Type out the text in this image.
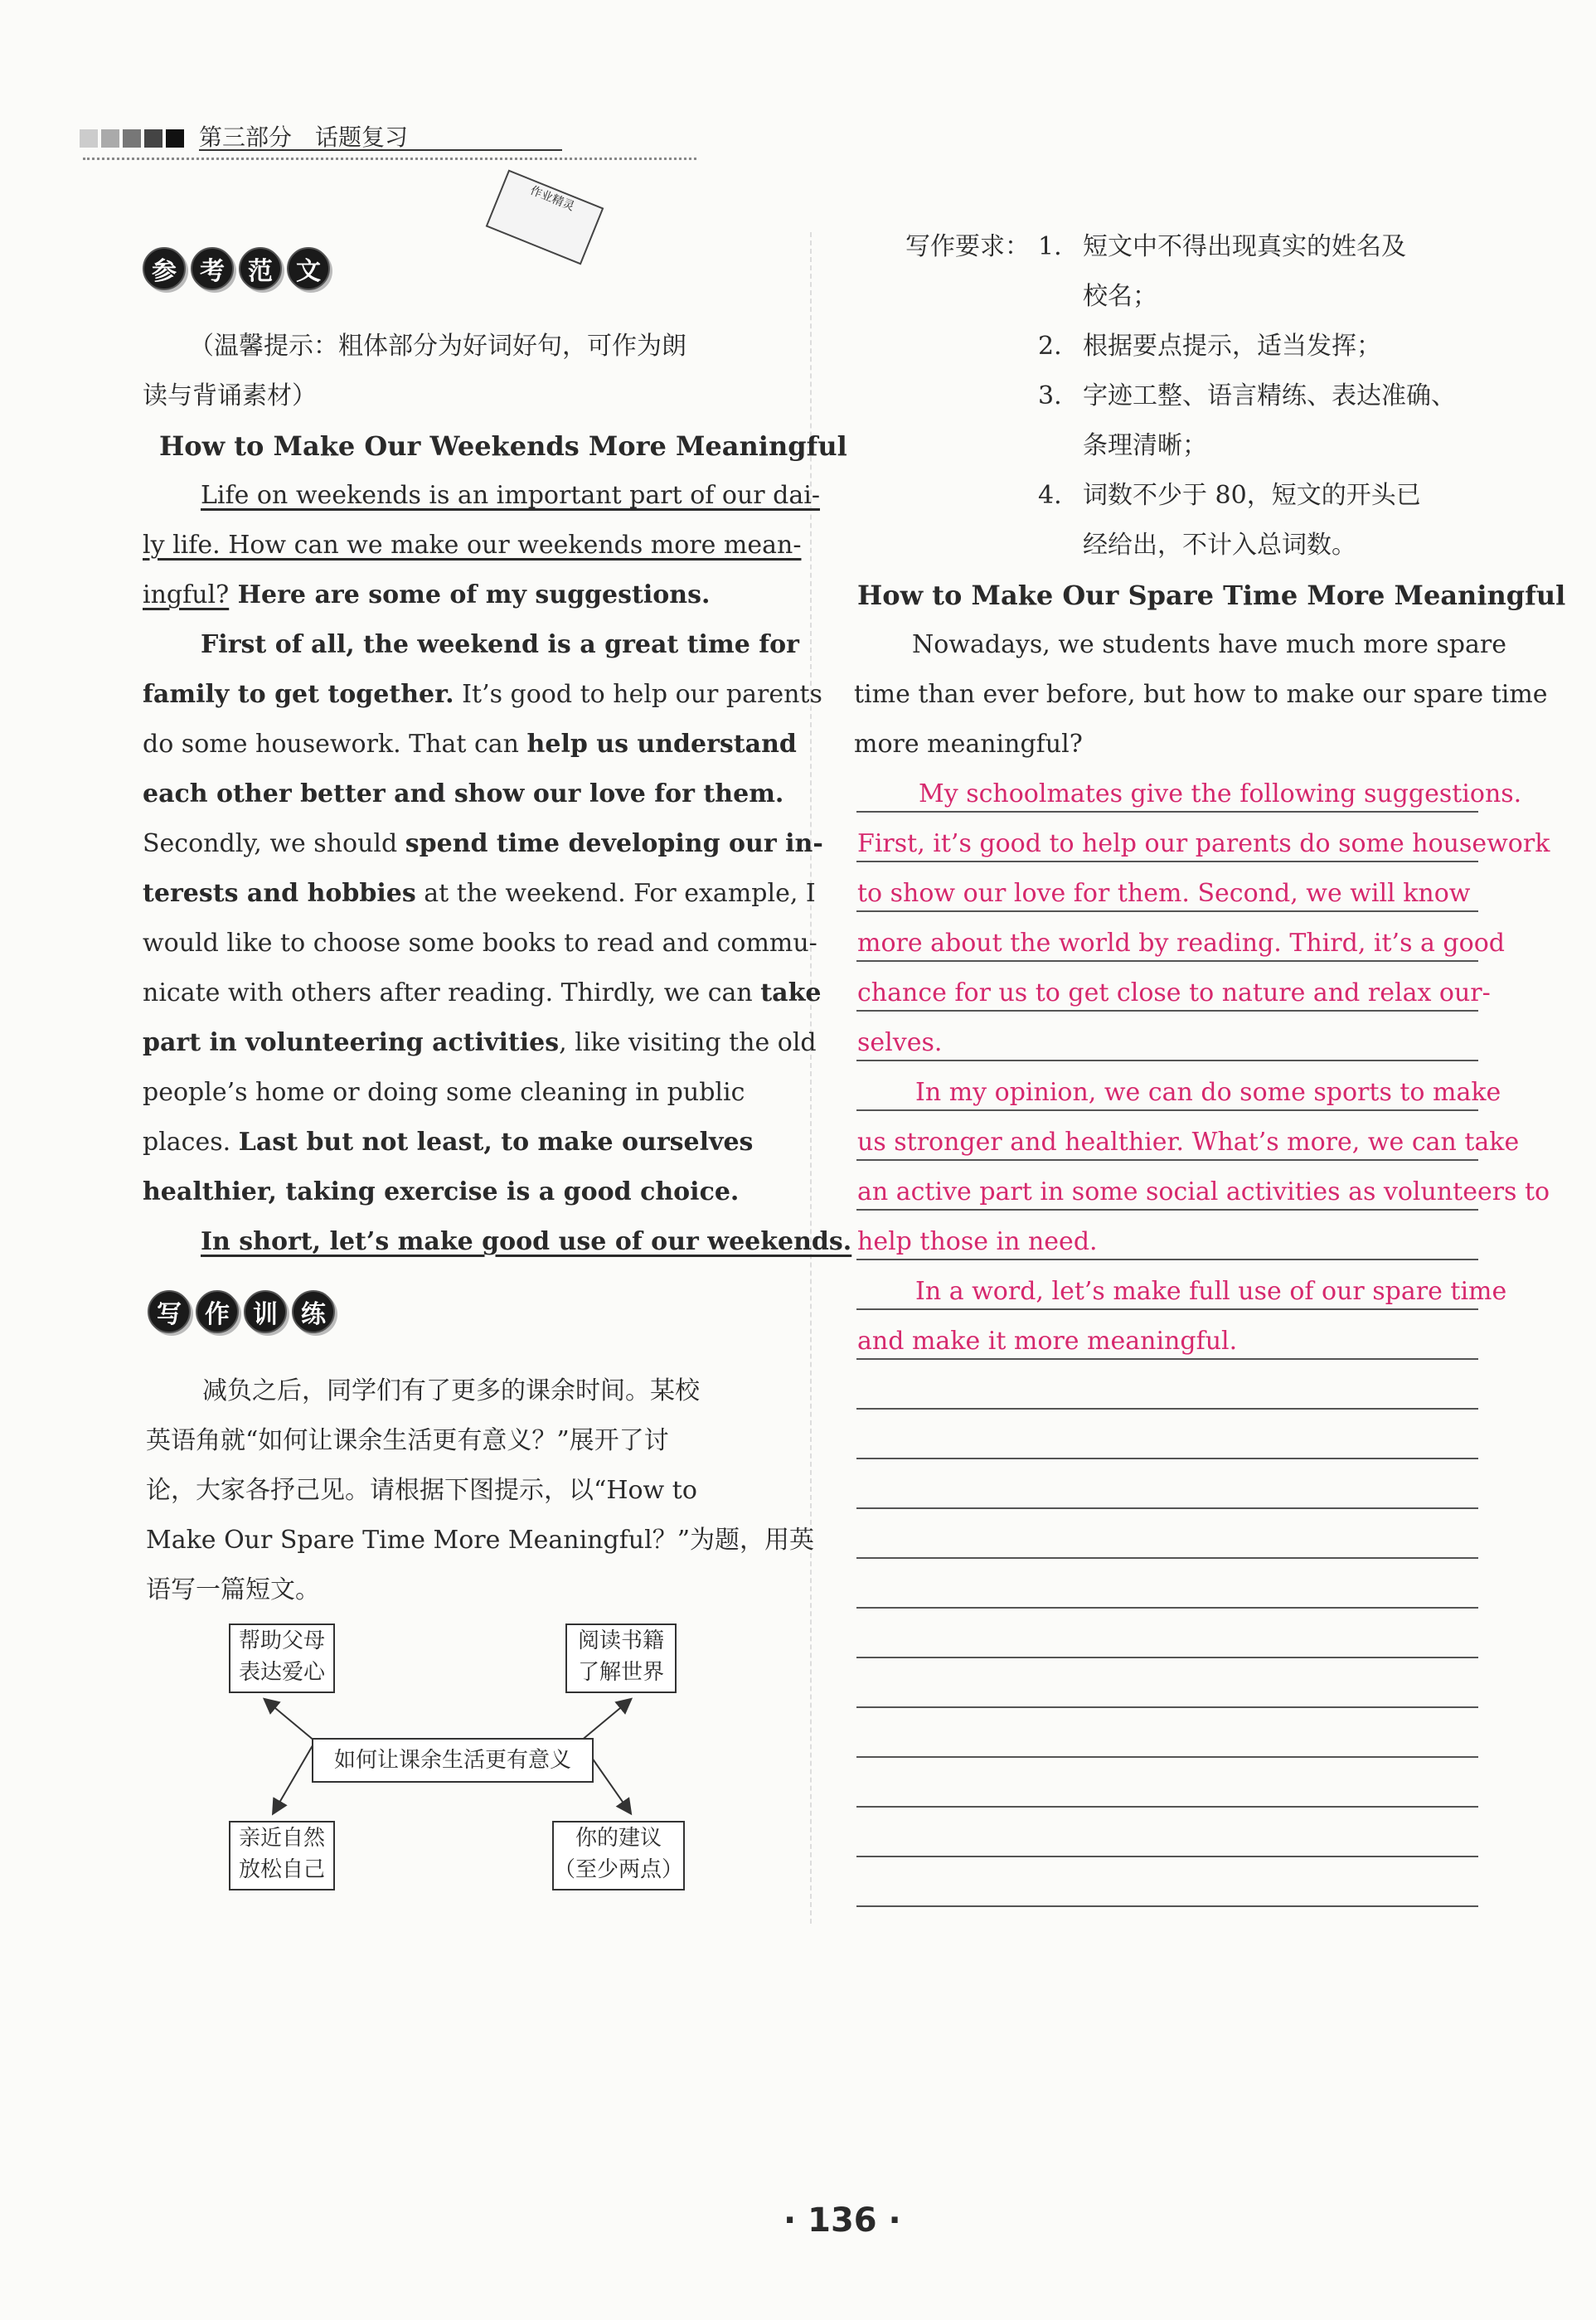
第三部分　话题复习
作业精灵
参 考 范 文
（温馨提示：粗体部分为好词好句，可作为朗
读与背诵素材）
How to Make Our Weekends More Meaningful
Life on weekends is an important part of our dai-
ly life. How can we make our weekends more mean-
ingful? Here are some of my suggestions.
First of all, the weekend is a great time for
family to get together. It’s good to help our parents
do some housework. That can help us understand
each other better and show our love for them.
Secondly, we should spend time developing our in-
terests and hobbies at the weekend. For example, I
would like to choose some books to read and commu-
nicate with others after reading. Thirdly, we can take
part in volunteering activities, like visiting the old
people’s home or doing some cleaning in public
places. Last but not least, to make ourselves
healthier, taking exercise is a good choice.
In short, let’s make good use of our weekends.
写 作 训 练
减负之后，同学们有了更多的课余时间。某校
英语角就“如何让课余生活更有意义？”展开了讨
论，大家各抒己见。请根据下图提示，以“How to
Make Our Spare Time More Meaningful？”为题，用英
语写一篇短文。
帮助父母
表达爱心
阅读书籍
了解世界
如何让课余生活更有意义
亲近自然
放松自己
你的建议
（至少两点）
写作要求： 1. 短文中不得出现真实的姓名及
校名；
2. 根据要点提示，适当发挥；
3. 字迹工整、语言精练、表达准确、
条理清晰；
4. 词数不少于 80，短文的开头已
经给出，不计入总词数。
How to Make Our Spare Time More Meaningful
Nowadays, we students have much more spare
time than ever before, but how to make our spare time
more meaningful?
My schoolmates give the following suggestions.
First, it’s good to help our parents do some housework
to show our love for them. Second, we will know
more about the world by reading. Third, it’s a good
chance for us to get close to nature and relax our-
selves.
In my opinion, we can do some sports to make
us stronger and healthier. What’s more, we can take
an active part in some social activities as volunteers to
help those in need.
In a word, let’s make full use of our spare time
and make it more meaningful.
· 136 ·
